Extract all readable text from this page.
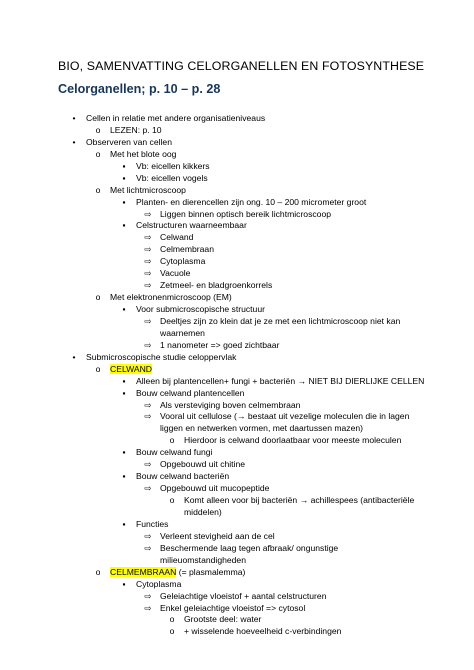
BIO, SAMENVATTING CELORGANELLEN EN FOTOSYNTHESE
Celorganellen; p. 10 – p. 28
•	Cellen in relatie met andere organisatieniveaus
o	LEZEN: p. 10
•	Observeren van cellen
o	Met het blote oog
▪	Vb: eicellen kikkers
▪	Vb: eicellen vogels
o	Met lichtmicroscoop
▪	Planten- en dierencellen zijn ong. 10 – 200 micrometer groot
⇨ Liggen binnen optisch bereik lichtmicroscoop
▪	Celstructuren waarneembaar
⇨ Celwand
⇨ Celmembraan
⇨ Cytoplasma
⇨ Vacuole
⇨ Zetmeel- en bladgroenkorrels
o	Met elektronenmicroscoop (EM)
▪	Voor submicroscopische structuur
⇨ Deeltjes zijn zo klein dat je ze met een lichtmicroscoop niet kan
waarnemen
⇨ 1 nanometer => goed zichtbaar
•	Submicroscopische studie celoppervlak
o	CELWAND
▪	Alleen bij plantencellen+ fungi + bacteriën → NIET BIJ DIERLIJKE CELLEN
▪	Bouw celwand plantencellen
⇨ Als versteviging boven celmembraan
⇨ Vooral uit cellulose (→ bestaat uit vezelige moleculen die in lagen
liggen en netwerken vormen, met daartussen mazen)
o	Hierdoor is celwand doorlaatbaar voor meeste moleculen
▪	Bouw celwand fungi
⇨ Opgebouwd uit chitine
▪	Bouw celwand bacteriën
⇨ Opgebouwd uit mucopeptide
o	Komt alleen voor bij bacteriën → achillespees (antibacteriële
middelen)
▪	Functies
⇨ Verleent stevigheid aan de cel
⇨ Beschermende laag tegen afbraak/ ongunstige
milieuomstandigheden
o	CELMEMBRAAN (= plasmalemma)
▪	Cytoplasma
⇨ Geleiachtige vloeistof + aantal celstructuren
⇨ Enkel geleiachtige vloeistof => cytosol
o	Grootste deel: water
o	+ wisselende hoeveelheid c-verbindingen
